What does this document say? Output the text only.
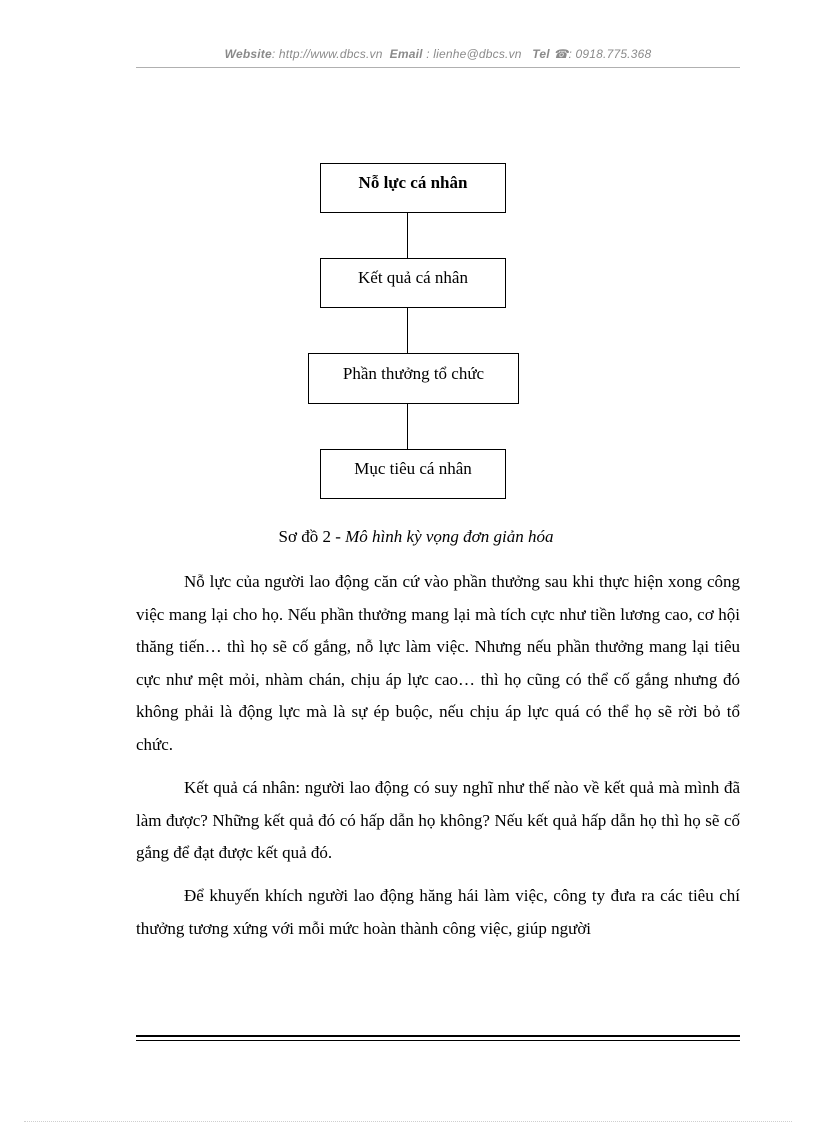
Website: http://www.dbcs.vn Email : lienhe@dbcs.vn Tel ☎: 0918.775.368
Nỗ lực cá nhân
Kết quả cá nhân
Phần thưởng tổ chức
Mục tiêu cá nhân
Sơ đồ 2 - Mô hình kỳ vọng đơn giản hóa

Nỗ lực của người lao động căn cứ vào phần thưởng sau khi thực hiện xong công việc mang lại cho họ. Nếu phần thưởng mang lại mà tích cực như tiền lương cao, cơ hội thăng tiến… thì họ sẽ cố gắng, nỗ lực làm việc. Nhưng nếu phần thưởng mang lại tiêu cực như mệt mỏi, nhàm chán, chịu áp lực cao… thì họ cũng có thể cố gắng nhưng đó không phải là động lực mà là sự ép buộc, nếu chịu áp lực quá có thể họ sẽ rời bỏ tổ chức.

Kết quả cá nhân: người lao động có suy nghĩ như thế nào về kết quả mà mình đã làm được? Những kết quả đó có hấp dẫn họ không? Nếu kết quả hấp dẫn họ thì họ sẽ cố gắng để đạt được kết quả đó.

Để khuyến khích người lao động hăng hái làm việc, công ty đưa ra các tiêu chí thưởng tương xứng với mỗi mức hoàn thành công việc, giúp người
